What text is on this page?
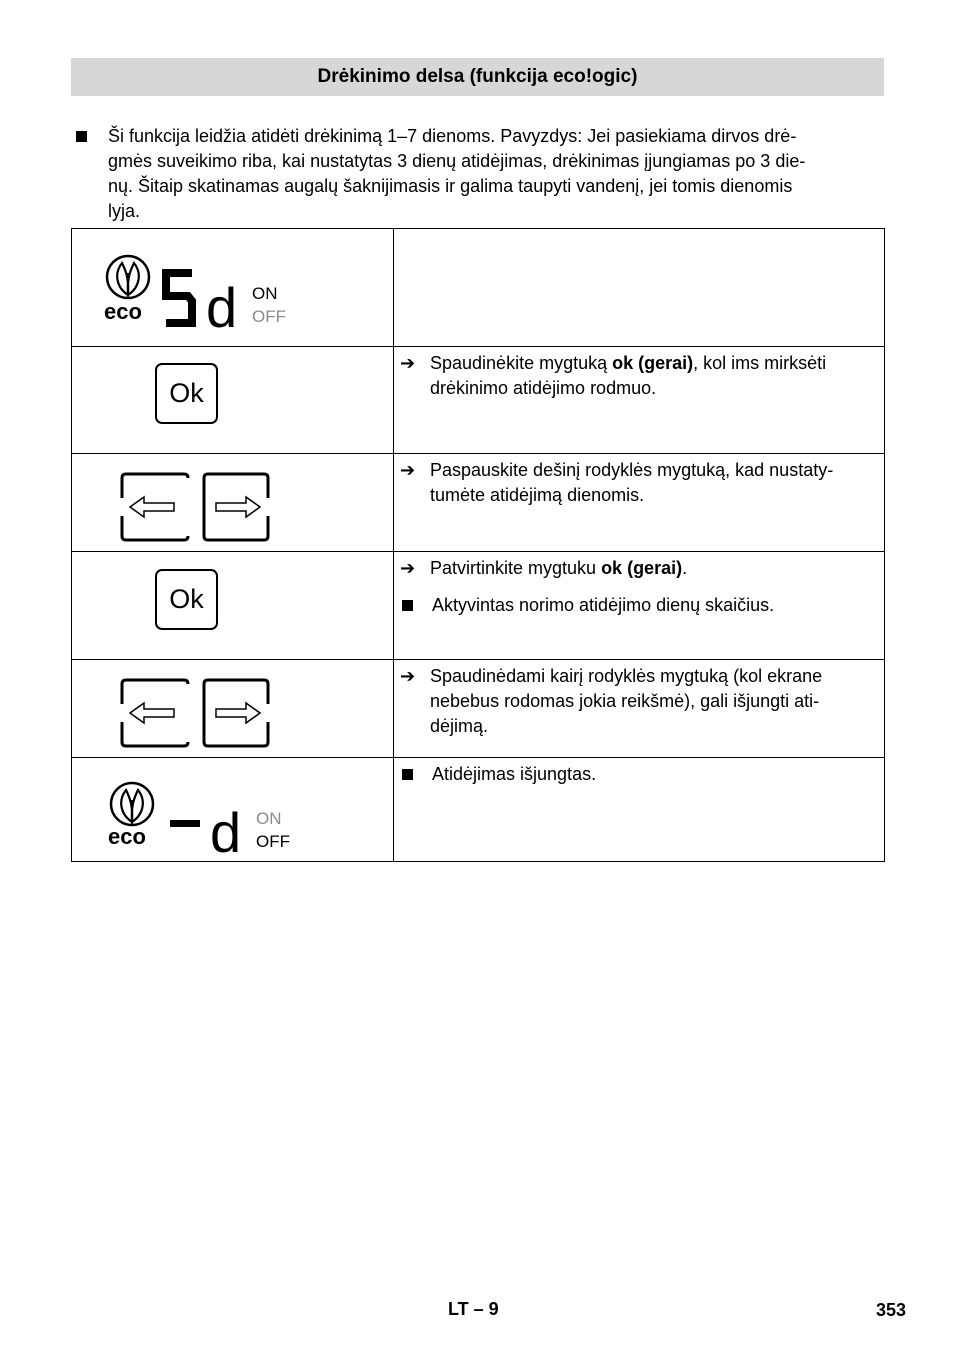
Drėkinimo delsa (funkcija eco!ogic)
Ši funkcija leidžia atidėti drėkinimą 1–7 dienoms. Pavyzdys: Jei pasiekiama dirvos drė-
gmės suveikimo riba, kai nustatytas 3 dienų atidėjimas, drėkinimas įjungiamas po 3 die-
nų. Šitaip skatinamas augalų šaknijimasis ir galima taupyti vandenį, jei tomis dienomis
lyja.
eco d ON
OFF	

Ok	➔ Spaudinėkite mygtuką ok (gerai), kol ims mirksėti
drėkinimo atidėjimo rodmuo.

➔ Paspauskite dešinį rodyklės mygtuką, kad nustaty-
tumėte atidėjimą dienomis.

Ok	➔ Patvirtinkite mygtuku ok (gerai).
Aktyvintas norimo atidėjimo dienų skaičius.

➔ Spaudinėdami kairį rodyklės mygtuką (kol ekrane
nebebus rodomas jokia reikšmė), gali išjungti ati-
dėjimą.

eco d ON
OFF	Atidėjimas išjungtas.
LT – 9	353
